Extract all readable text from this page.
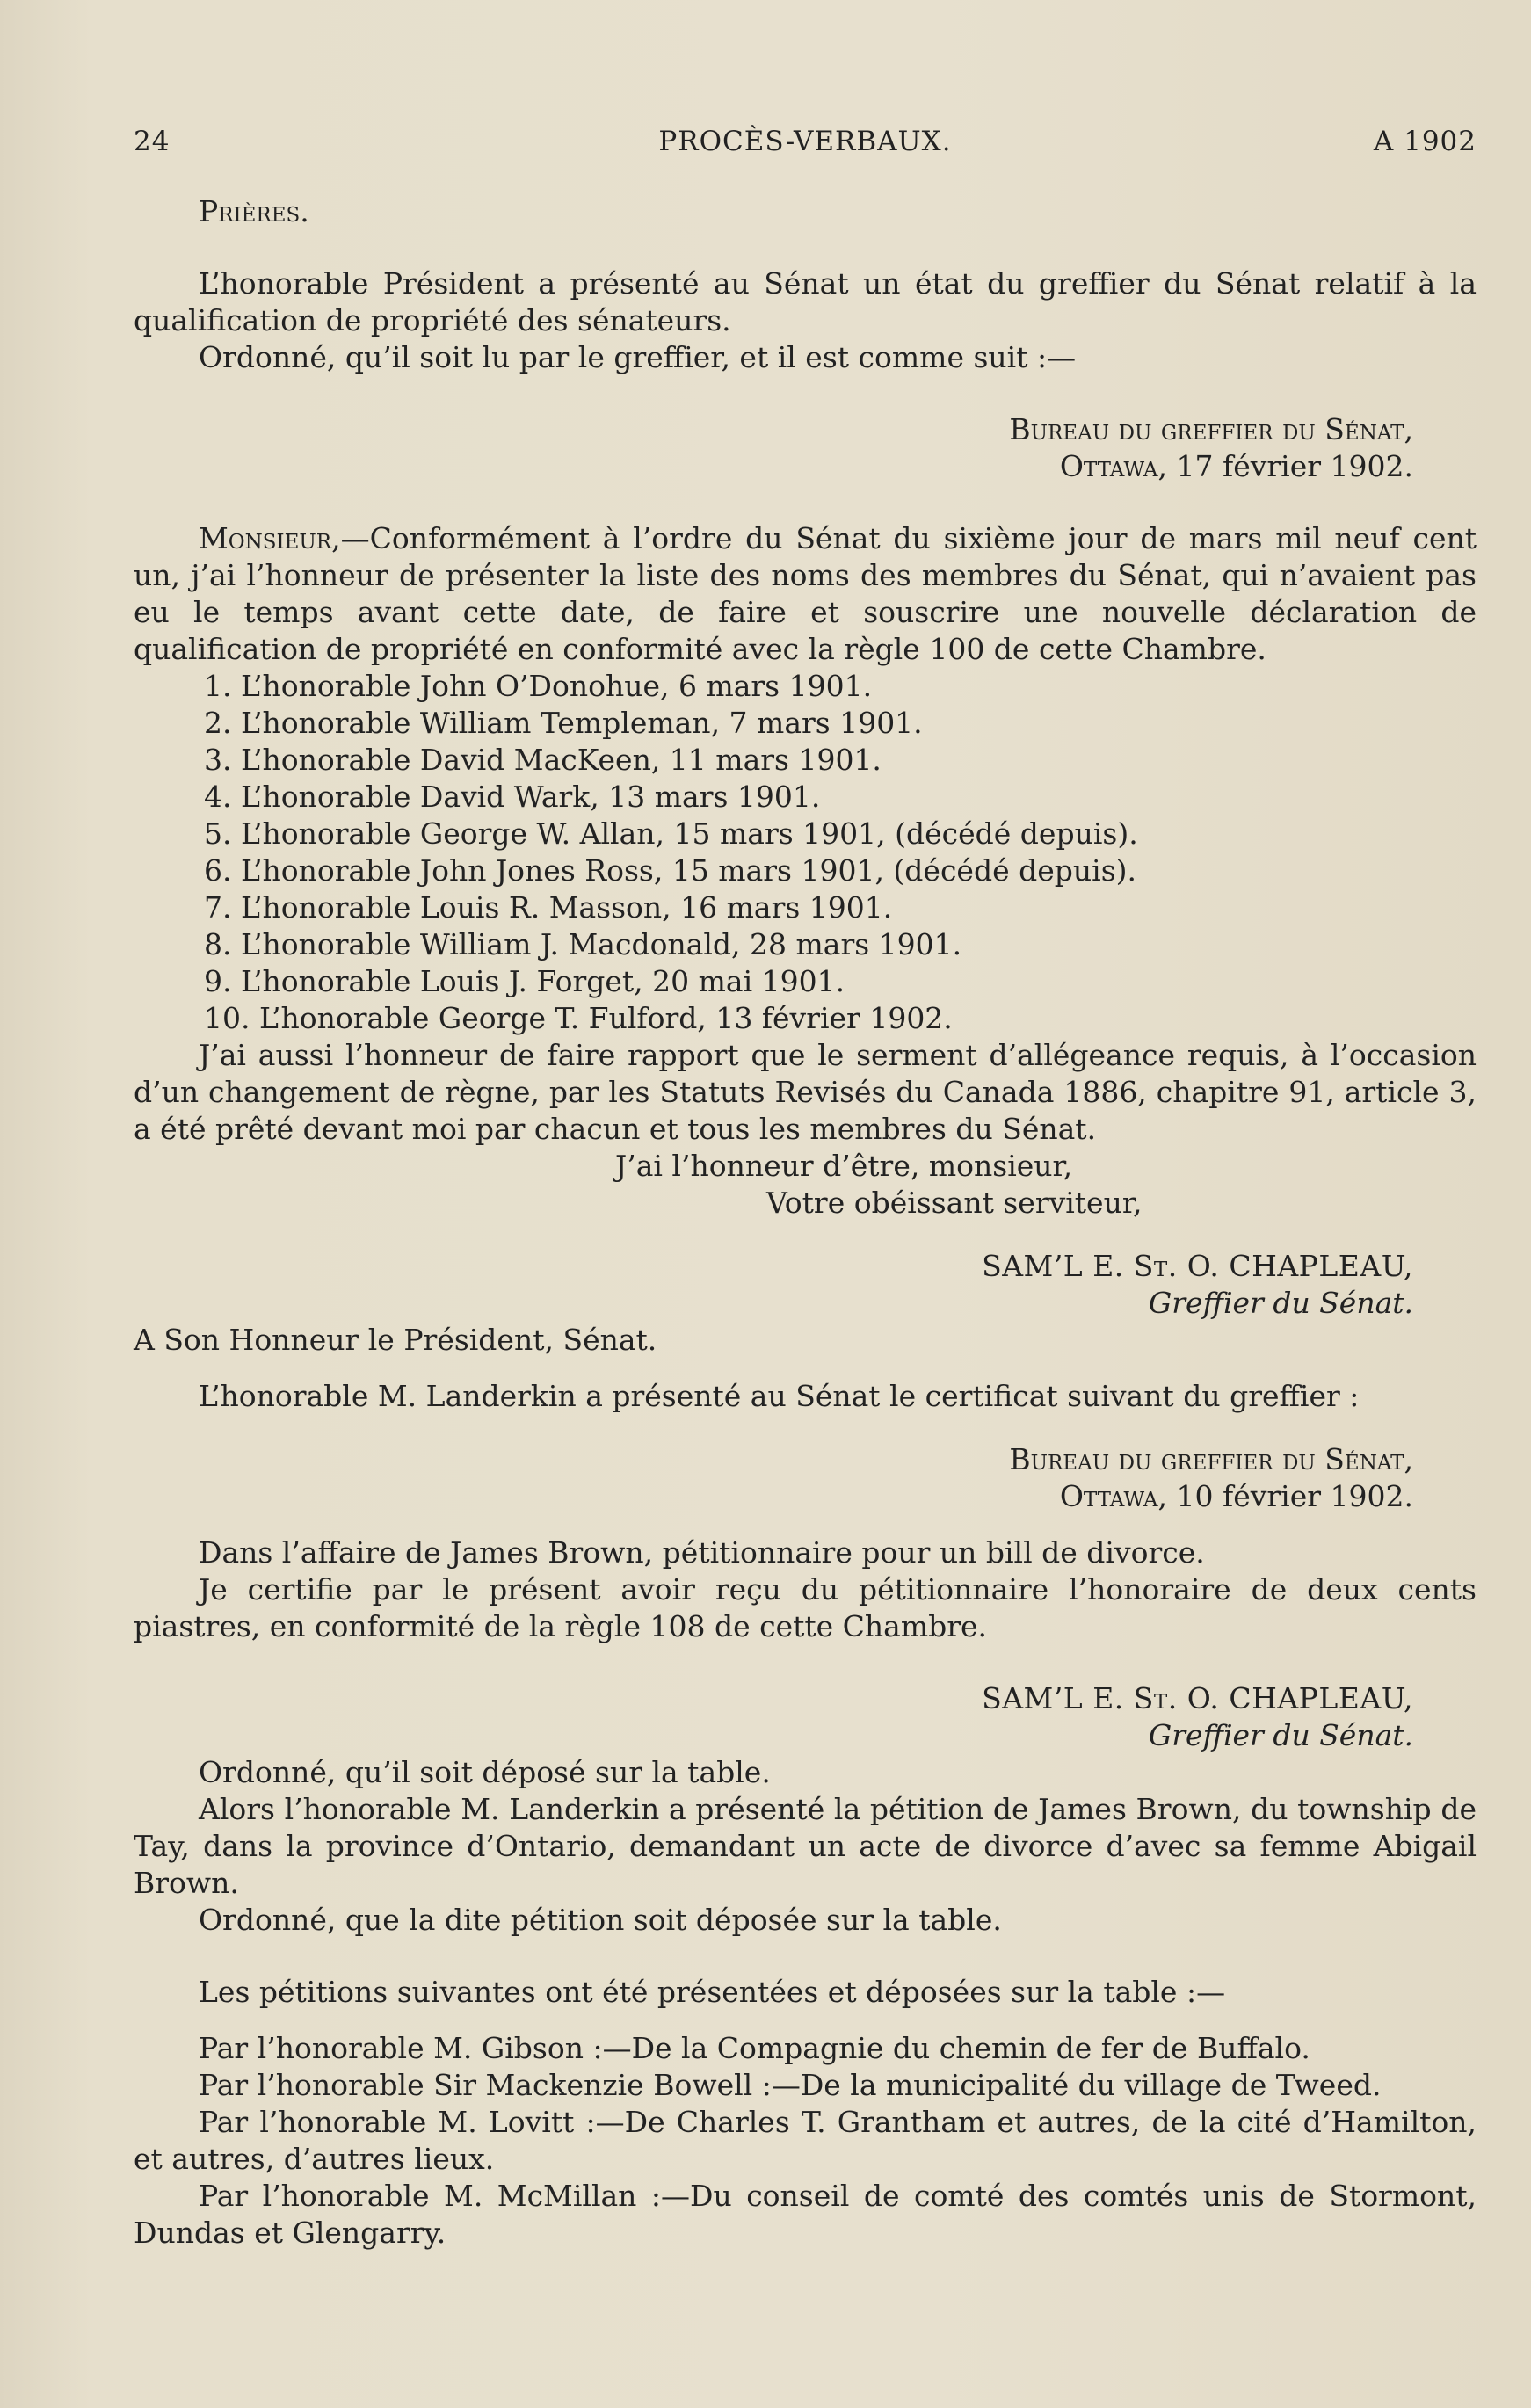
24	PROCÈS-VERBAUX.	A 1902

Prières.

L’honorable Président a présenté au Sénat un état du greffier du Sénat relatif à la qualification de propriété des sénateurs.

Ordonné, qu’il soit lu par le greffier, et il est comme suit :—

Bureau du greffier du Sénat,

Ottawa, 17 février 1902.

Monsieur,—Conformément à l’ordre du Sénat du sixième jour de mars mil neuf cent un, j’ai l’honneur de présenter la liste des noms des membres du Sénat, qui n’avaient pas eu le temps avant cette date, de faire et souscrire une nouvelle déclaration de qualification de propriété en conformité avec la règle 100 de cette Chambre.

1. L’honorable John O’Donohue, 6 mars 1901.

2. L’honorable William Templeman, 7 mars 1901.

3. L’honorable David MacKeen, 11 mars 1901.

4. L’honorable David Wark, 13 mars 1901.

5. L’honorable George W. Allan, 15 mars 1901, (décédé depuis).

6. L’honorable John Jones Ross, 15 mars 1901, (décédé depuis).

7. L’honorable Louis R. Masson, 16 mars 1901.

8. L’honorable William J. Macdonald, 28 mars 1901.

9. L’honorable Louis J. Forget, 20 mai 1901.

10. L’honorable George T. Fulford, 13 février 1902.

J’ai aussi l’honneur de faire rapport que le serment d’allégeance requis, à l’occasion d’un changement de règne, par les Statuts Revisés du Canada 1886, chapitre 91, article 3, a été prêté devant moi par chacun et tous les membres du Sénat.

J’ai l’honneur d’être, monsieur,

Votre obéissant serviteur,

SAM’L E. St. O. CHAPLEAU,

Greffier du Sénat.

A Son Honneur le Président, Sénat.

L’honorable M. Landerkin a présenté au Sénat le certificat suivant du greffier :

Bureau du greffier du Sénat,

Ottawa, 10 février 1902.

Dans l’affaire de James Brown, pétitionnaire pour un bill de divorce.

Je certifie par le présent avoir reçu du pétitionnaire l’honoraire de deux cents piastres, en conformité de la règle 108 de cette Chambre.

SAM’L E. St. O. CHAPLEAU,

Greffier du Sénat.

Ordonné, qu’il soit déposé sur la table.

Alors l’honorable M. Landerkin a présenté la pétition de James Brown, du township de Tay, dans la province d’Ontario, demandant un acte de divorce d’avec sa femme Abigail Brown.

Ordonné, que la dite pétition soit déposée sur la table.

Les pétitions suivantes ont été présentées et déposées sur la table :—

Par l’honorable M. Gibson :—De la Compagnie du chemin de fer de Buffalo.

Par l’honorable Sir Mackenzie Bowell :—De la municipalité du village de Tweed.

Par l’honorable M. Lovitt :—De Charles T. Grantham et autres, de la cité d’Hamilton, et autres, d’autres lieux.

Par l’honorable M. McMillan :—Du conseil de comté des comtés unis de Stormont, Dundas et Glengarry.
